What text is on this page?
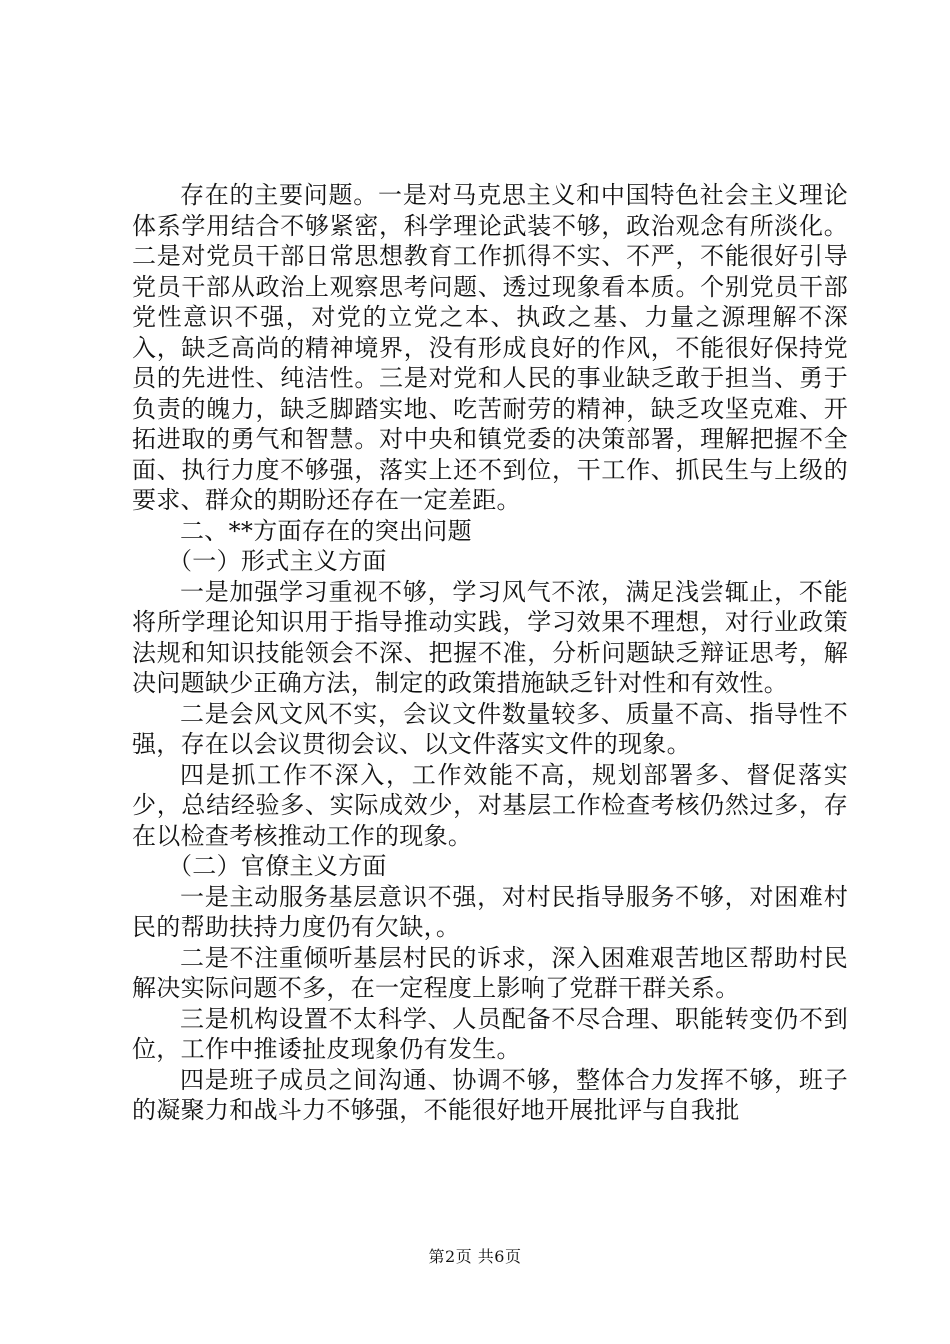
存在的主要问题。一是对马克思主义和中国特色社会主义理论体系学用结合不够紧密，科学理论武装不够，政治观念有所淡化。二是对党员干部日常思想教育工作抓得不实、不严，不能很好引导党员干部从政治上观察思考问题、透过现象看本质。个别党员干部党性意识不强，对党的立党之本、执政之基、力量之源理解不深入，缺乏高尚的精神境界，没有形成良好的作风，不能很好保持党员的先进性、纯洁性。三是对党和人民的事业缺乏敢于担当、勇于负责的魄力，缺乏脚踏实地、吃苦耐劳的精神，缺乏攻坚克难、开拓进取的勇气和智慧。对中央和镇党委的决策部署，理解把握不全面、执行力度不够强，落实上还不到位，干工作、抓民生与上级的要求、群众的期盼还存在一定差距。

二、**方面存在的突出问题

（一）形式主义方面

一是加强学习重视不够，学习风气不浓，满足浅尝辄止，不能将所学理论知识用于指导推动实践，学习效果不理想，对行业政策法规和知识技能领会不深、把握不准，分析问题缺乏辩证思考，解决问题缺少正确方法，制定的政策措施缺乏针对性和有效性。

二是会风文风不实，会议文件数量较多、质量不高、指导性不强，存在以会议贯彻会议、以文件落实文件的现象。

四是抓工作不深入，工作效能不高，规划部署多、督促落实少，总结经验多、实际成效少，对基层工作检查考核仍然过多，存在以检查考核推动工作的现象。

（二）官僚主义方面

一是主动服务基层意识不强，对村民指导服务不够，对困难村民的帮助扶持力度仍有欠缺，。

二是不注重倾听基层村民的诉求，深入困难艰苦地区帮助村民解决实际问题不多，在一定程度上影响了党群干群关系。

三是机构设置不太科学、人员配备不尽合理、职能转变仍不到位，工作中推诿扯皮现象仍有发生。

四是班子成员之间沟通、协调不够，整体合力发挥不够，班子的凝聚力和战斗力不够强，不能很好地开展批评与自我批

第2页 共6页
